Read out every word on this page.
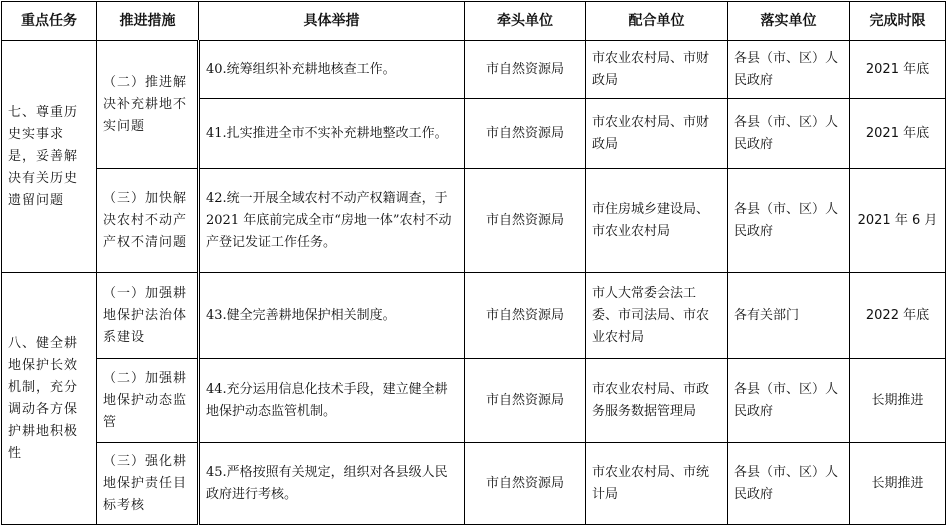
重点任务	推进措施	具体举措	牵头单位	配合单位	落实单位	完成时限
七、尊重历史实事求是，妥善解决有关历史遗留问题	（二）推进解决补充耕地不实问题	40.统筹组织补充耕地核查工作。	市自然资源局	市农业农村局、市财政局	各县（市、区）人民政府	2021 年底
		41.扎实推进全市不实补充耕地整改工作。	市自然资源局	市农业农村局、市财政局	各县（市、区）人民政府	2021 年底
	（三）加快解决农村不动产产权不清问题	42.统一开展全域农村不动产权籍调查，于 2021 年底前完成全市“房地一体”农村不动产登记发证工作任务。	市自然资源局	市住房城乡建设局、市农业农村局	各县（市、区）人民政府	2021 年 6 月
八、健全耕地保护长效机制，充分调动各方保护耕地积极性	（一）加强耕地保护法治体系建设	43.健全完善耕地保护相关制度。	市自然资源局	市人大常委会法工委、市司法局、市农业农村局	各有关部门	2022 年底
	（二）加强耕地保护动态监管	44.充分运用信息化技术手段，建立健全耕地保护动态监管机制。	市自然资源局	市农业农村局、市政务服务数据管理局	各县（市、区）人民政府	长期推进
	（三）强化耕地保护责任目标考核	45.严格按照有关规定，组织对各县级人民政府进行考核。	市自然资源局	市农业农村局、市统计局	各县（市、区）人民政府	长期推进
